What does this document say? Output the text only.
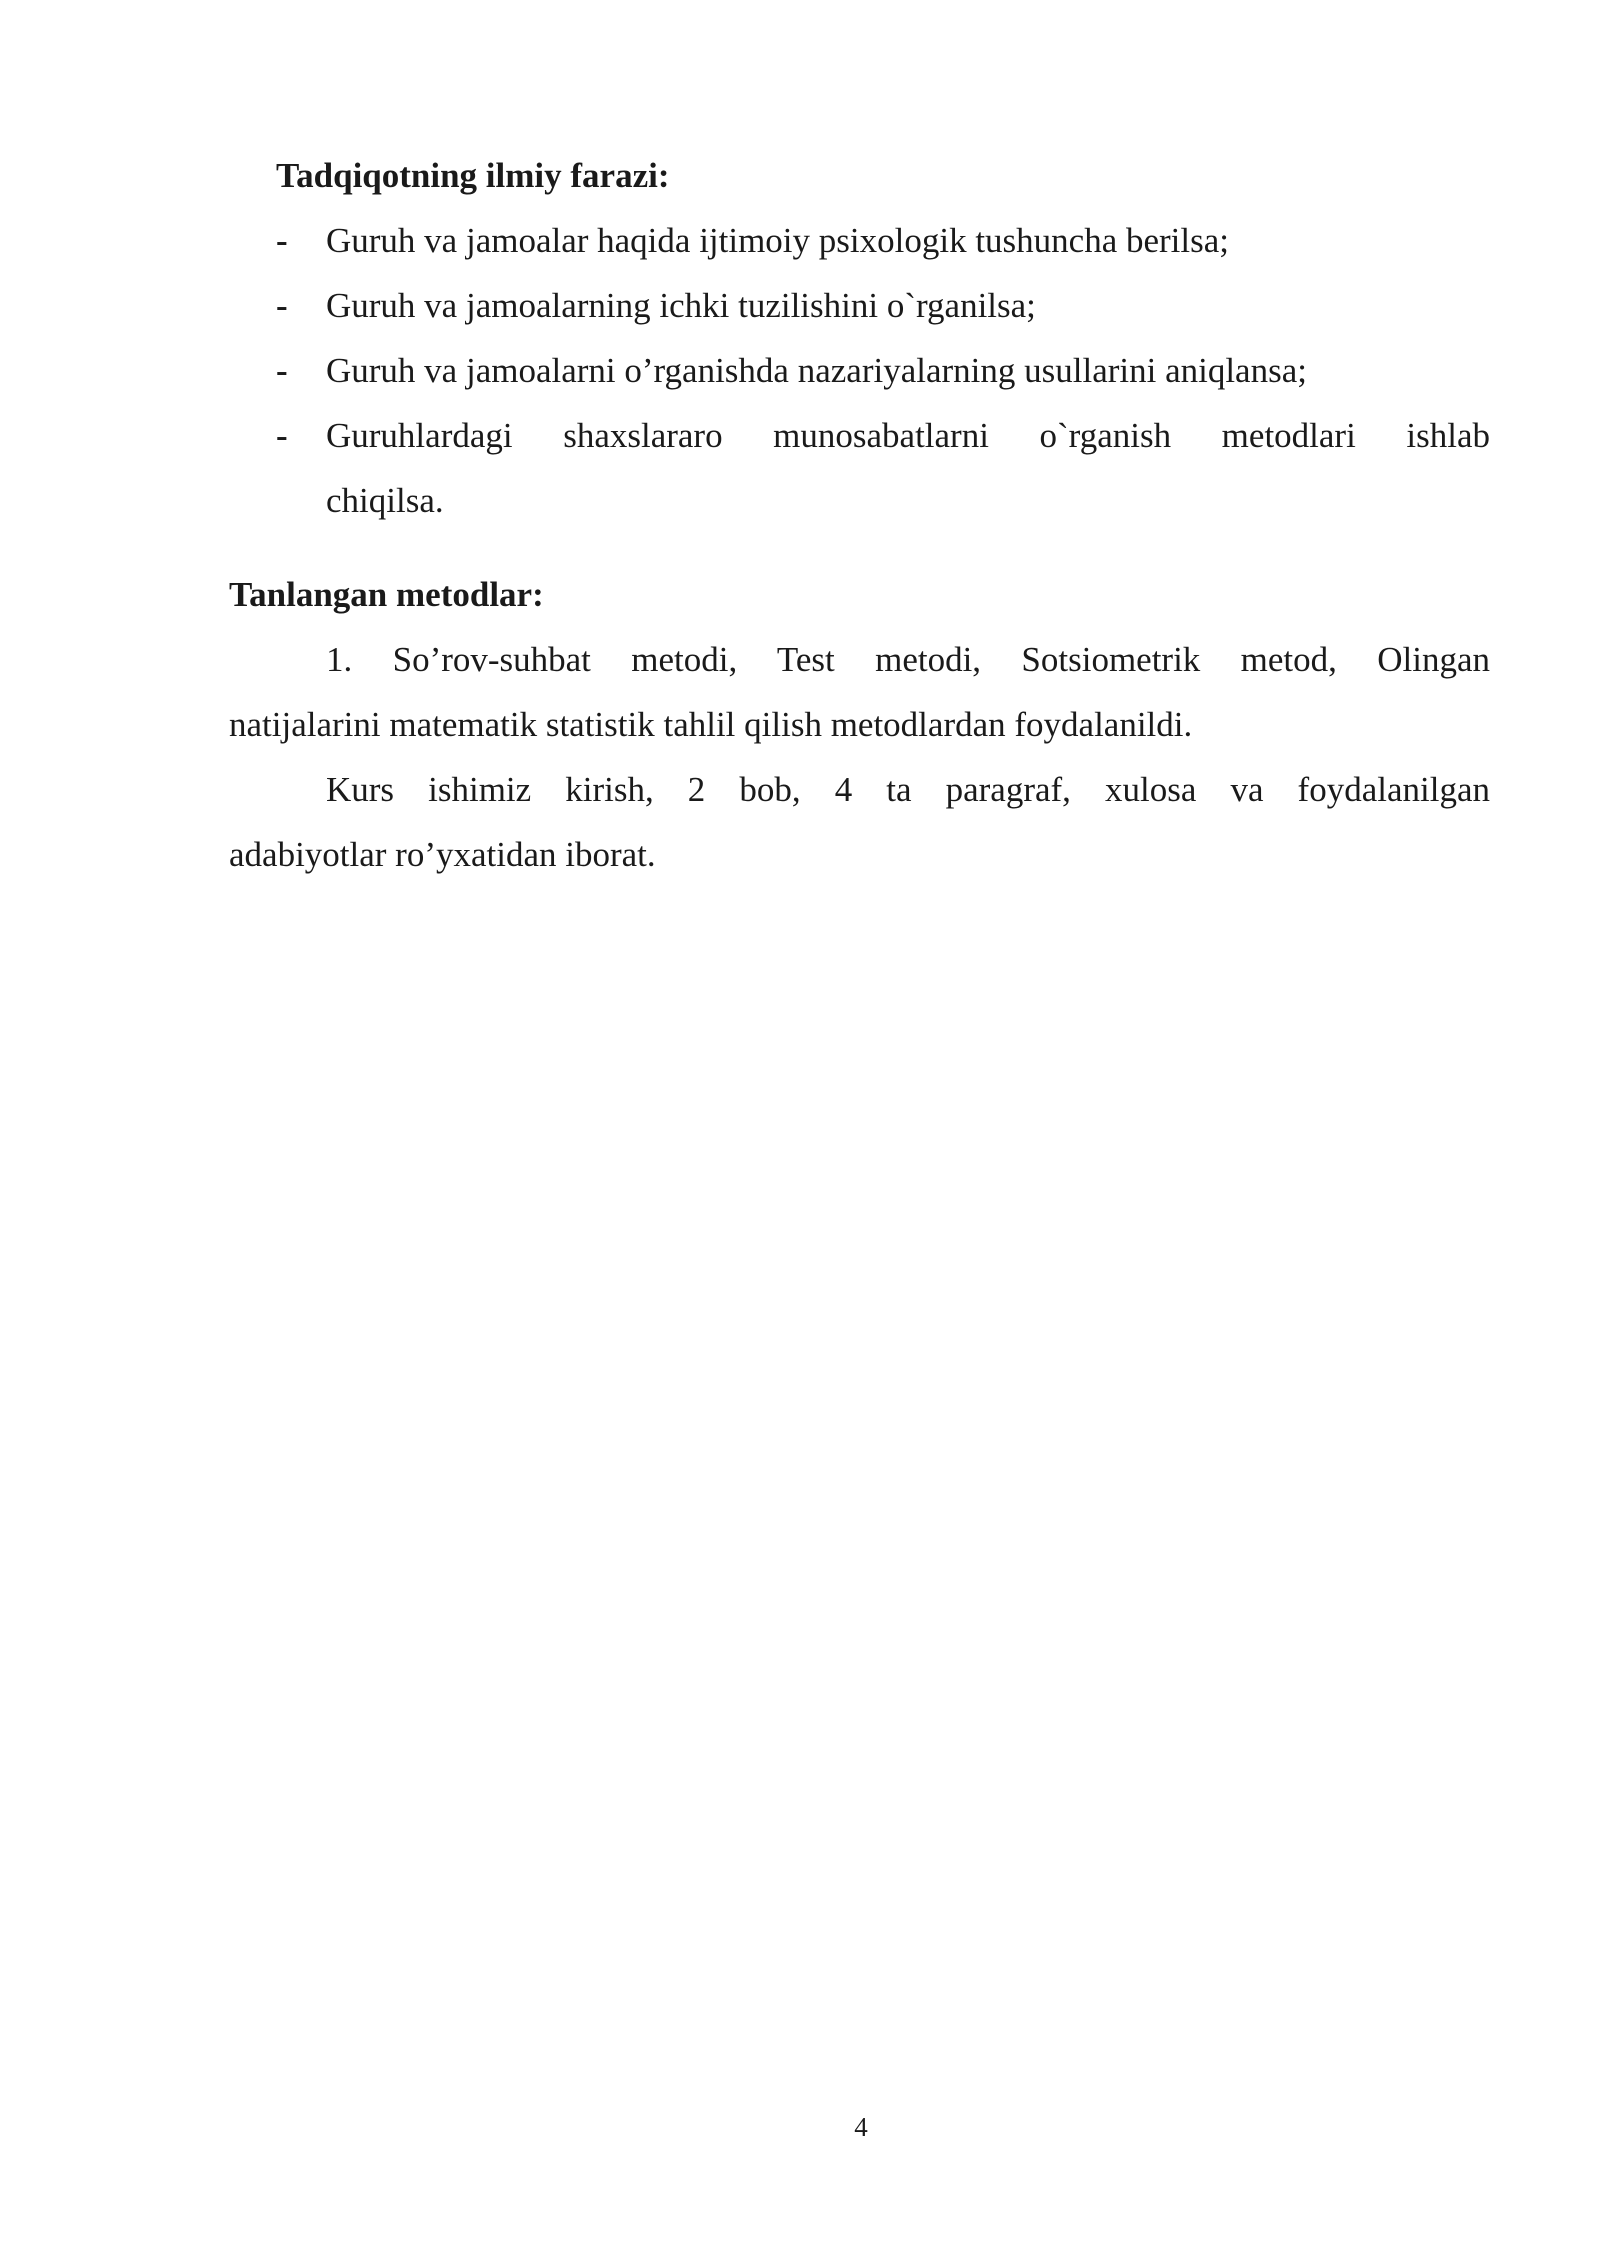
Tadqiqotning ilmiy farazi:
- Guruh va jamoalar haqida ijtimoiy psixologik tushuncha berilsa;
- Guruh va jamoalarning ichki tuzilishini o`rganilsa;
- Guruh va jamoalarni o’rganishda nazariyalarning usullarini aniqlansa;
- Guruhlardagi shaxslararo munosabatlarni o`rganish metodlari ishlab
chiqilsa.
Tanlangan metodlar:
1. So’rov-suhbat metodi, Test metodi, Sotsiometrik metod, Olingan
natijalarini matematik statistik tahlil qilish metodlardan foydalanildi.
Kurs ishimiz kirish, 2 bob, 4 ta paragraf, xulosa va foydalanilgan
adabiyotlar ro’yxatidan iborat.
4
